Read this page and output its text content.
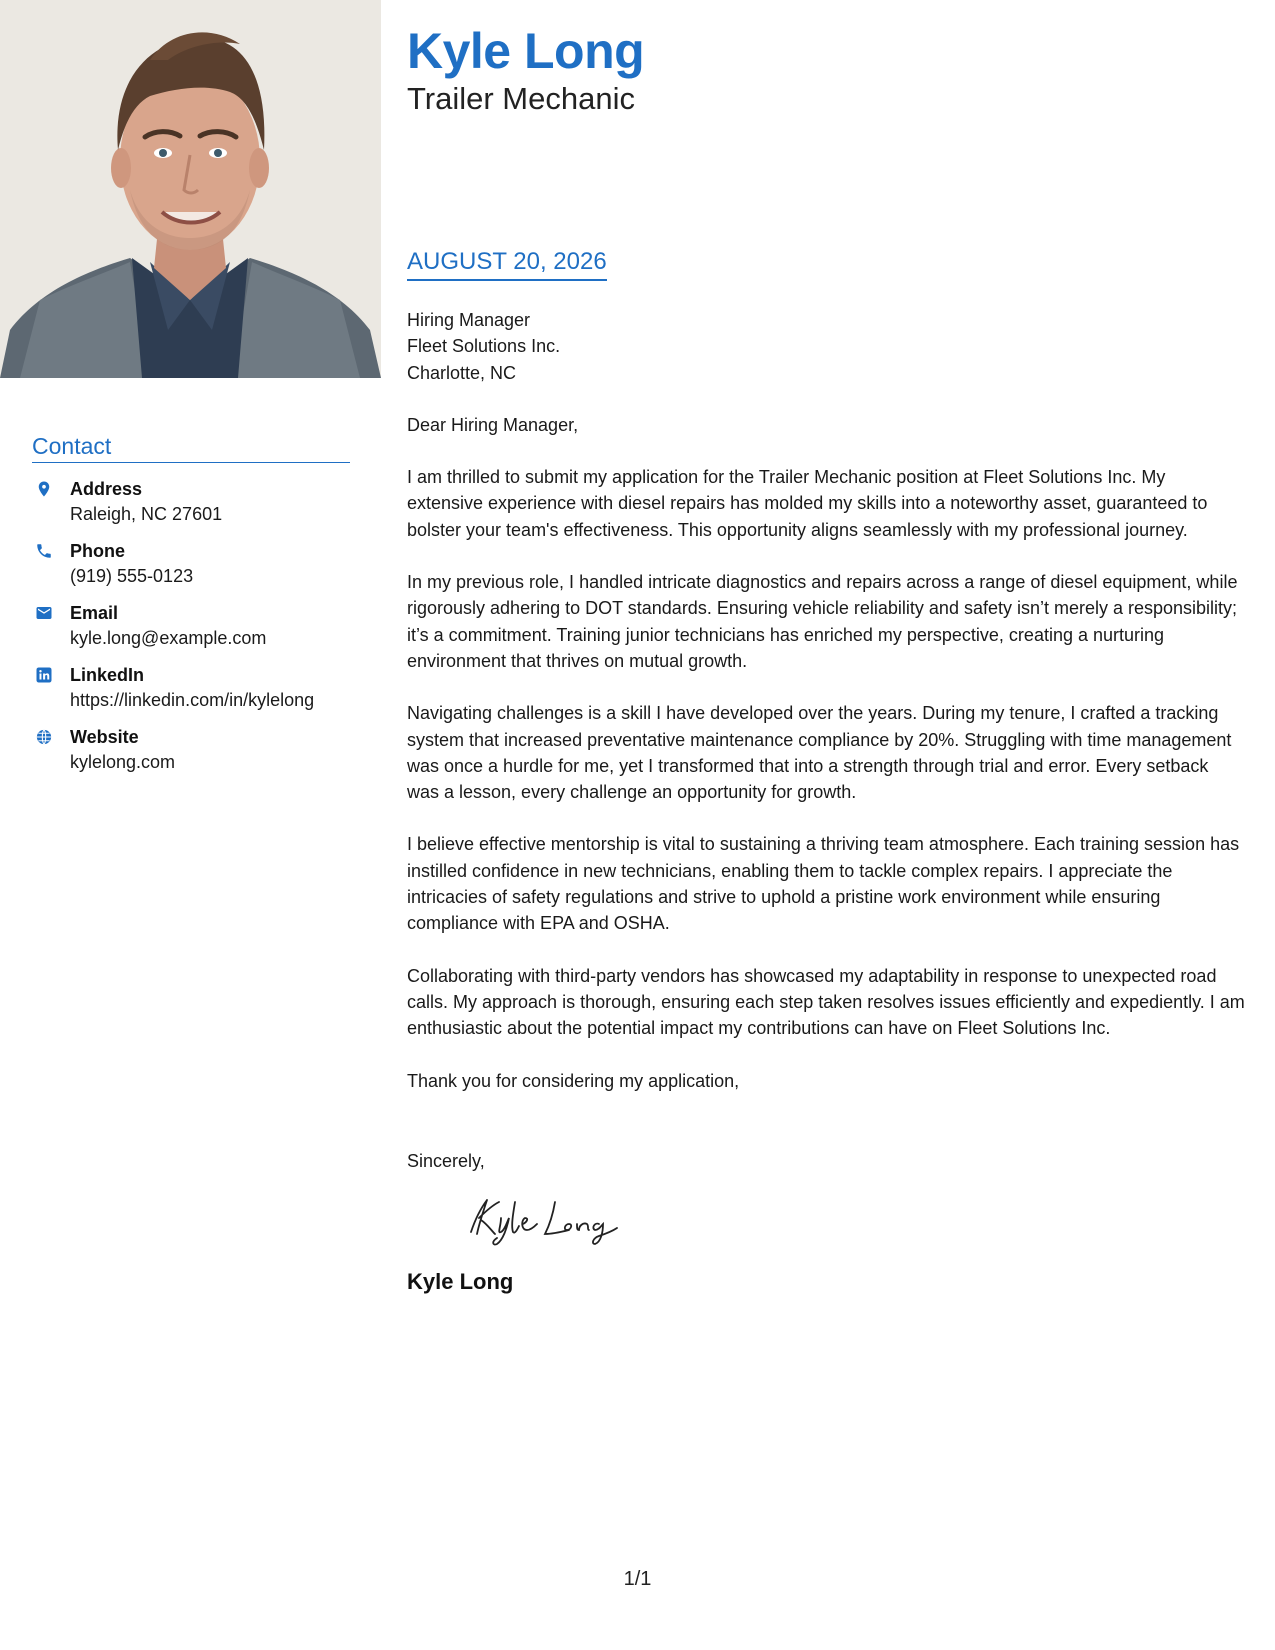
Contact
Address
Raleigh, NC 27601
Phone
(919) 555-0123
Email
kyle.long@example.com
LinkedIn
https://linkedin.com/in/kylelong
Website
kylelong.com
Kyle Long
Trailer Mechanic
AUGUST 20, 2026
Hiring Manager
Fleet Solutions Inc.
Charlotte, NC
Dear Hiring Manager,

I am thrilled to submit my application for the Trailer Mechanic position at Fleet Solutions Inc. My extensive experience with diesel repairs has molded my skills into a noteworthy asset, guaranteed to bolster your team's effectiveness. This opportunity aligns seamlessly with my professional journey.

In my previous role, I handled intricate diagnostics and repairs across a range of diesel equipment, while rigorously adhering to DOT standards. Ensuring vehicle reliability and safety isn’t merely a responsibility; it’s a commitment. Training junior technicians has enriched my perspective, creating a nurturing environment that thrives on mutual growth.

Navigating challenges is a skill I have developed over the years. During my tenure, I crafted a tracking system that increased preventative maintenance compliance by 20%. Struggling with time management was once a hurdle for me, yet I transformed that into a strength through trial and error. Every setback was a lesson, every challenge an opportunity for growth.

I believe effective mentorship is vital to sustaining a thriving team atmosphere. Each training session has instilled confidence in new technicians, enabling them to tackle complex repairs. I appreciate the intricacies of safety regulations and strive to uphold a pristine work environment while ensuring compliance with EPA and OSHA.

Collaborating with third-party vendors has showcased my adaptability in response to unexpected road calls. My approach is thorough, ensuring each step taken resolves issues efficiently and expediently. I am enthusiastic about the potential impact my contributions can have on Fleet Solutions Inc.

Thank you for considering my application,
Sincerely,
Kyle Long
1/1
